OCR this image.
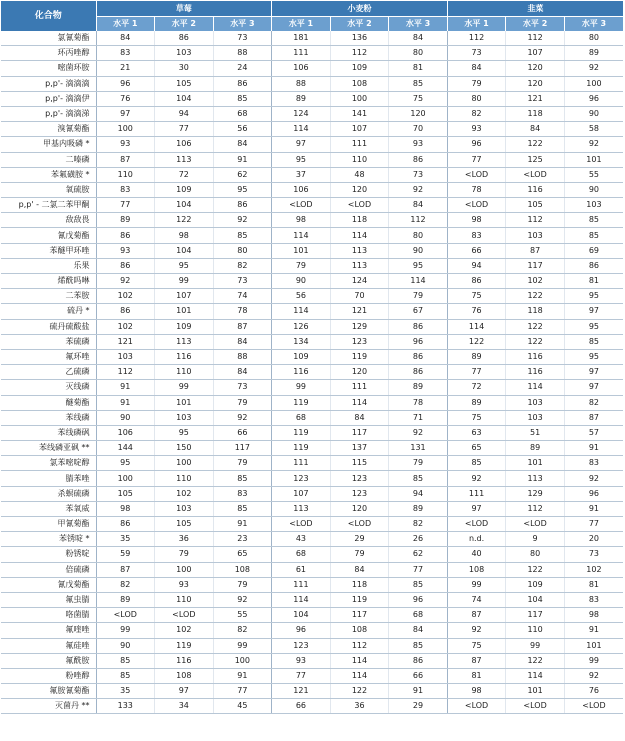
化合物	草莓			小麦粉			韭菜		
	水平 1	水平 2	水平 3	水平 1	水平 2	水平 3	水平 1	水平 2	水平 3
氯氰菊酯	84	86	73	181	136	84	112	112	80
环丙唑醇	83	103	88	111	112	80	73	107	89
嘧菌环胺	21	30	24	106	109	81	84	120	92
p,p'- 滴滴滴	96	105	86	88	108	85	79	120	100
p,p'- 滴滴伊	76	104	85	89	100	75	80	121	96
p,p'- 滴滴涕	97	94	68	124	141	120	82	118	90
溴氰菊酯	100	77	56	114	107	70	93	84	58
甲基内吸磷 *	93	106	84	97	111	93	96	122	92
二嗪磷	87	113	91	95	110	86	77	125	101
苯氟磺胺 *	110	72	62	37	48	73	<LOD	<LOD	55
氧硫胺	83	109	95	106	120	92	78	116	90
p,p' - 二氯二苯甲酮	77	104	86	<LOD	<LOD	84	<LOD	105	103
敌敌畏	89	122	92	98	118	112	98	112	85
氰戊菊酯	86	98	85	114	114	80	83	103	85
苯醚甲环唑	93	104	80	101	113	90	66	87	69
乐果	86	95	82	79	113	95	94	117	86
烯酰吗啉	92	99	73	90	124	114	86	102	81
二苯胺	102	107	74	56	70	79	75	122	95
硫丹 *	86	101	78	114	121	67	76	118	97
硫丹硫酸盐	102	109	87	126	129	86	114	122	95
苯硫磷	121	113	84	134	123	96	122	122	85
氟环唑	103	116	88	109	119	86	89	116	95
乙硫磷	112	110	84	116	120	86	77	116	97
灭线磷	91	99	73	99	111	89	72	114	97
醚菊酯	91	101	79	119	114	78	89	103	82
苯线磷	90	103	92	68	84	71	75	103	87
苯线磷砜	106	95	66	119	117	92	63	51	57
苯线磷亚砜 **	144	150	117	119	137	131	65	89	91
氯苯嘧啶醇	95	100	79	111	115	79	85	101	83
腈苯唑	100	110	85	123	123	85	92	113	92
杀螟硫磷	105	102	83	107	123	94	111	129	96
苯氧威	98	103	85	113	120	89	97	112	91
甲氰菊酯	86	105	91	<LOD	<LOD	82	<LOD	<LOD	77
苯锈啶 *	35	36	23	43	29	26	n.d.	9	20
粉锈啶	59	79	65	68	79	62	40	80	73
倍硫磷	87	100	108	61	84	77	108	122	102
氰戊菊酯	82	93	79	111	118	85	99	109	81
氟虫腈	89	110	92	114	119	96	74	104	83
咯菌腈	<LOD	<LOD	55	104	117	68	87	117	98
氟喹唑	99	102	82	96	108	84	92	110	91
氟硅唑	90	119	99	123	112	85	75	99	101
氟酰胺	85	116	100	93	114	86	87	122	99
粉唑醇	85	108	91	77	114	66	81	114	92
氟胺氰菊酯	35	97	77	121	122	91	98	101	76
灭菌丹 **	133	34	45	66	36	29	<LOD	<LOD	<LOD
